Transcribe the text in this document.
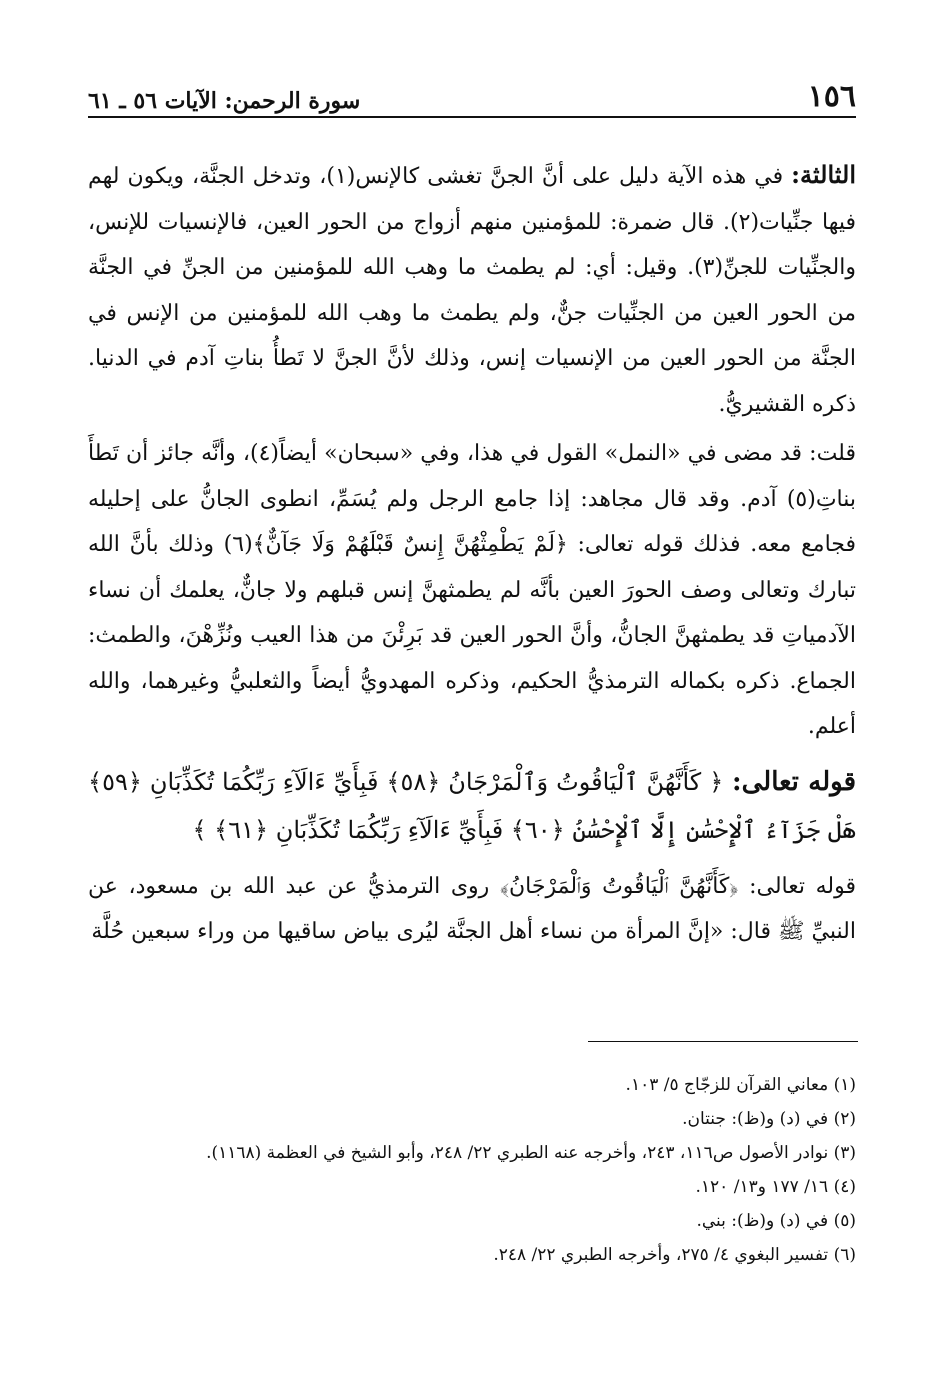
١٥٦
سورة الرحمن: الآيات ٥٦ ـ ٦١

الثالثة: في هذه الآية دليل على أنَّ الجنَّ تغشى كالإنس(١)، وتدخل الجنَّة، ويكون لهم فيها جنِّيات(٢). قال ضمرة: للمؤمنين منهم أزواج من الحور العين، فالإنسيات للإنس، والجنِّيات للجنِّ(٣). وقيل: أي: لم يطمث ما وهب الله للمؤمنين من الجنِّ في الجنَّة من الحور العين من الجنِّيات جنٌّ، ولم يطمث ما وهب الله للمؤمنين من الإنس في الجنَّة من الحور العين من الإنسيات إنس، وذلك لأنَّ الجنَّ لا تَطأُ بناتِ آدم في الدنيا. ذكره القشيريُّ.

قلت: قد مضى في «النمل» القول في هذا، وفي «سبحان» أيضاً(٤)، وأنَّه جائز أن تَطأَ بناتِ(٥) آدم. وقد قال مجاهد: إذا جامع الرجل ولم يُسَمِّ، انطوى الجانُّ على إحليله فجامع معه. فذلك قوله تعالى: ﴿لَمْ يَطْمِثْهُنَّ إِنسٌ قَبْلَهُمْ وَلَا جَآنٌّ﴾(٦) وذلك بأنَّ الله تبارك وتعالى وصف الحورَ العين بأنَّه لم يطمثهنَّ إنس قبلهم ولا جانٌّ، يعلمك أن نساء الآدمياتِ قد يطمثهنَّ الجانُّ، وأنَّ الحور العين قد بَرِئْنَ من هذا العيب ونُزِّهْنَ، والطمث: الجماع. ذكره بكماله الترمذيُّ الحكيم، وذكره المهدويُّ أيضاً والثعلبيُّ وغيرهما، والله أعلم.

قوله تعالى: ﴿ كَأَنَّهُنَّ ٱلْيَاقُوتُ وَٱلْمَرْجَانُ ﴿٥٨﴾ فَبِأَيِّ ءَالَآءِ رَبِّكُمَا تُكَذِّبَانِ ﴿٥٩﴾ هَلْ جَزَآءُ ٱلْإِحْسَٰنِ إِلَّا ٱلْإِحْسَٰنُ ﴿٦٠﴾ فَبِأَيِّ ءَالَآءِ رَبِّكُمَا تُكَذِّبَانِ ﴿٦١﴾ ﴾

قوله تعالى: ﴿كَأَنَّهُنَّ ٱلْيَاقُوتُ وَٱلْمَرْجَانُ﴾ روى الترمذيُّ عن عبد الله بن مسعود، عن النبيِّ ﷺ قال: «إنَّ المرأة من نساء أهل الجنَّة ليُرى بياض ساقيها من وراء سبعين حُلَّة

(١) معاني القرآن للزجّاج ٥/ ١٠٣.

(٢) في (د) و(ظ): جنتان.

(٣) نوادر الأصول ص١١٦، ٢٤٣، وأخرجه عنه الطبري ٢٢/ ٢٤٨، وأبو الشيخ في العظمة (١١٦٨).

(٤) ١٦/ ١٧٧ و١٣/ ١٢٠.

(٥) في (د) و(ظ): بني.

(٦) تفسير البغوي ٤/ ٢٧٥، وأخرجه الطبري ٢٢/ ٢٤٨.
